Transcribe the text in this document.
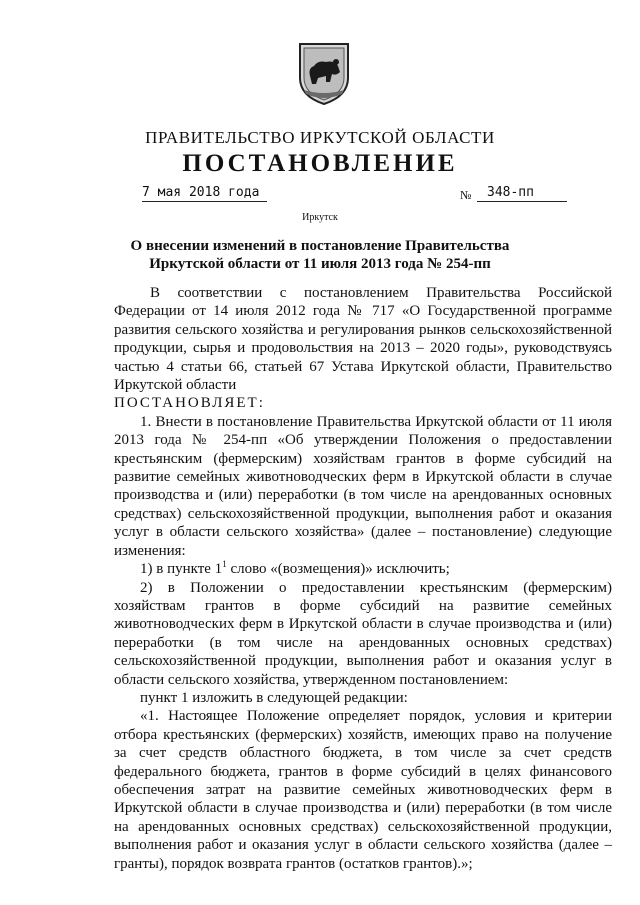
ПРАВИТЕЛЬСТВО ИРКУТСКОЙ ОБЛАСТИ
ПОСТАНОВЛЕНИЕ
7 мая 2018 года	№	348-пп
Иркутск
О внесении изменений в постановление Правительства Иркутской области от 11 июля 2013 года № 254-пп

В соответствии с постановлением Правительства Российской Федерации от 14 июля 2012 года № 717 «О Государственной программе развития сельского хозяйства и регулирования рынков сельскохозяйственной продукции, сырья и продовольствия на 2013 – 2020 годы», руководствуясь частью 4 статьи 66, статьей 67 Устава Иркутской области, Правительство Иркутской области

ПОСТАНОВЛЯЕТ:

1. Внести в постановление Правительства Иркутской области от 11 июля 2013 года № 254-пп «Об утверждении Положения о предоставлении крестьянским (фермерским) хозяйствам грантов в форме субсидий на развитие семейных животноводческих ферм в Иркутской области в случае производства и (или) переработки (в том числе на арендованных основных средствах) сельскохозяйственной продукции, выполнения работ и оказания услуг в области сельского хозяйства» (далее – постановление) следующие изменения:

1) в пункте $1^1$ слово «(возмещения)» исключить;

2) в Положении о предоставлении крестьянским (фермерским) хозяйствам грантов в форме субсидий на развитие семейных животноводческих ферм в Иркутской области в случае производства и (или) переработки (в том числе на арендованных основных средствах) сельскохозяйственной продукции, выполнения работ и оказания услуг в области сельского хозяйства, утвержденном постановлением:

пункт 1 изложить в следующей редакции:

«1. Настоящее Положение определяет порядок, условия и критерии отбора крестьянских (фермерских) хозяйств, имеющих право на получение за счет средств областного бюджета, в том числе за счет средств федерального бюджета, грантов в форме субсидий в целях финансового обеспечения затрат на развитие семейных животноводческих ферм в Иркутской области в случае производства и (или) переработки (в том числе на арендованных основных средствах) сельскохозяйственной продукции, выполнения работ и оказания услуг в области сельского хозяйства (далее – гранты), порядок возврата грантов (остатков грантов).»;
